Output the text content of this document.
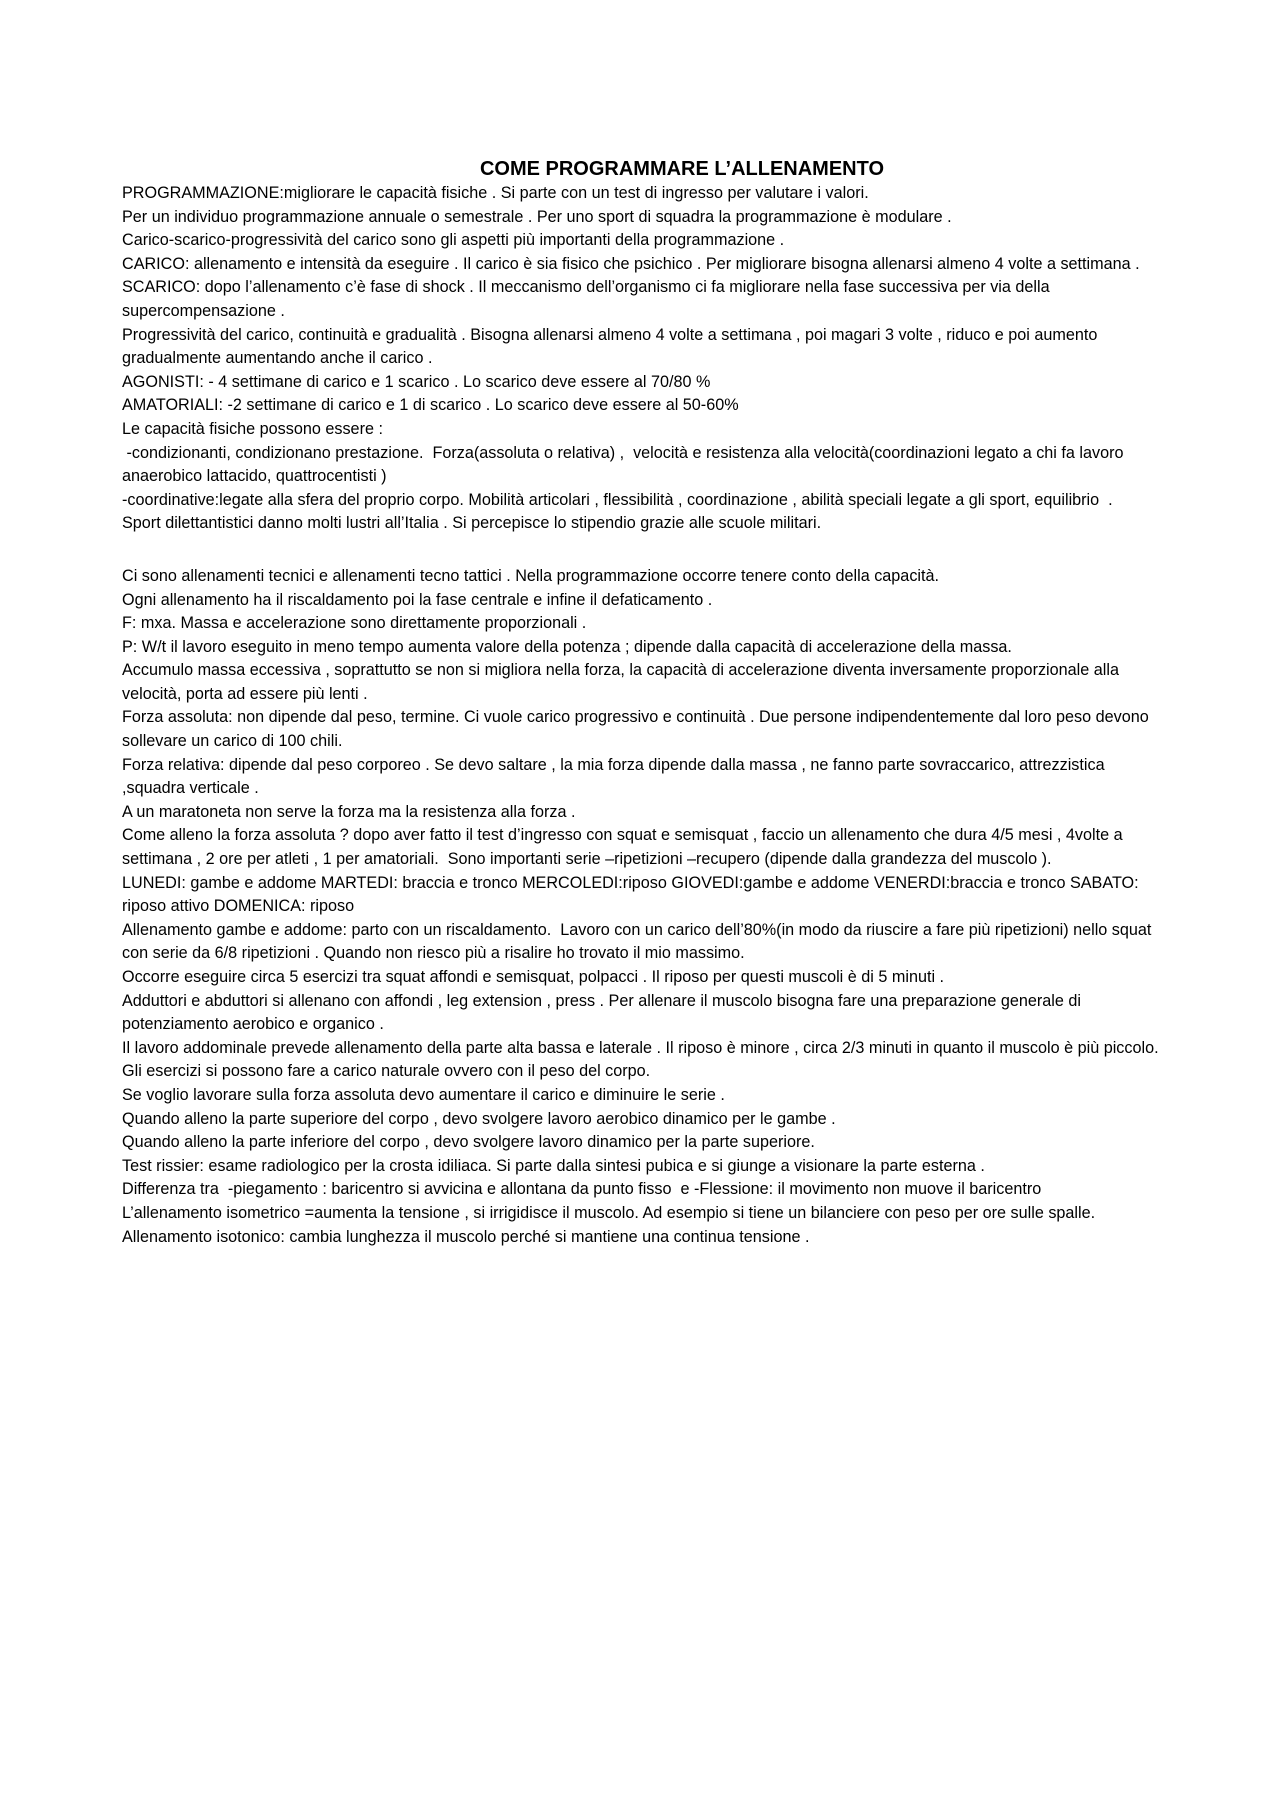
COME PROGRAMMARE L’ALLENAMENTO

PROGRAMMAZIONE:migliorare le capacità fisiche . Si parte con un test di ingresso per valutare i valori.

Per un individuo programmazione annuale o semestrale . Per uno sport di squadra la programmazione è modulare .

Carico-scarico-progressività del carico sono gli aspetti più importanti della programmazione .

CARICO: allenamento e intensità da eseguire . Il carico è sia fisico che psichico . Per migliorare bisogna allenarsi almeno 4 volte a settimana .

SCARICO: dopo l’allenamento c’è fase di shock . Il meccanismo dell’organismo ci fa migliorare nella fase successiva per via della supercompensazione .

Progressività del carico, continuità e gradualità . Bisogna allenarsi almeno 4 volte a settimana , poi magari 3 volte , riduco e poi aumento gradualmente aumentando anche il carico .

AGONISTI: - 4 settimane di carico e 1 scarico . Lo scarico deve essere al 70/80 %

AMATORIALI: -2 settimane di carico e 1 di scarico . Lo scarico deve essere al 50-60%

Le capacità fisiche possono essere :

-condizionanti, condizionano prestazione.  Forza(assoluta o relativa) ,  velocità e resistenza alla velocità(coordinazioni legato a chi fa lavoro anaerobico lattacido, quattrocentisti )

-coordinative:legate alla sfera del proprio corpo. Mobilità articolari , flessibilità , coordinazione , abilità speciali legate a gli sport, equilibrio  .

Sport dilettantistici danno molti lustri all’Italia . Si percepisce lo stipendio grazie alle scuole militari.

Ci sono allenamenti tecnici e allenamenti tecno tattici . Nella programmazione occorre tenere conto della capacità.

Ogni allenamento ha il riscaldamento poi la fase centrale e infine il defaticamento .

F: mxa. Massa e accelerazione sono direttamente proporzionali .

P: W/t il lavoro eseguito in meno tempo aumenta valore della potenza ; dipende dalla capacità di accelerazione della massa.

Accumulo massa eccessiva , soprattutto se non si migliora nella forza, la capacità di accelerazione diventa inversamente proporzionale alla velocità, porta ad essere più lenti .

Forza assoluta: non dipende dal peso, termine. Ci vuole carico progressivo e continuità . Due persone indipendentemente dal loro peso devono sollevare un carico di 100 chili.

Forza relativa: dipende dal peso corporeo . Se devo saltare , la mia forza dipende dalla massa , ne fanno parte sovraccarico, attrezzistica ,squadra verticale .

A un maratoneta non serve la forza ma la resistenza alla forza .

Come alleno la forza assoluta ? dopo aver fatto il test d’ingresso con squat e semisquat , faccio un allenamento che dura 4/5 mesi , 4volte a settimana , 2 ore per atleti , 1 per amatoriali.  Sono importanti serie –ripetizioni –recupero (dipende dalla grandezza del muscolo ).

LUNEDI: gambe e addome MARTEDI: braccia e tronco MERCOLEDI:riposo GIOVEDI:gambe e addome VENERDI:braccia e tronco SABATO: riposo attivo DOMENICA: riposo

Allenamento gambe e addome: parto con un riscaldamento.  Lavoro con un carico dell’80%(in modo da riuscire a fare più ripetizioni) nello squat con serie da 6/8 ripetizioni . Quando non riesco più a risalire ho trovato il mio massimo.

Occorre eseguire circa 5 esercizi tra squat affondi e semisquat, polpacci . Il riposo per questi muscoli è di 5 minuti .

Adduttori e abduttori si allenano con affondi , leg extension , press . Per allenare il muscolo bisogna fare una preparazione generale di potenziamento aerobico e organico .

Il lavoro addominale prevede allenamento della parte alta bassa e laterale . Il riposo è minore , circa 2/3 minuti in quanto il muscolo è più piccolo. Gli esercizi si possono fare a carico naturale ovvero con il peso del corpo.

Se voglio lavorare sulla forza assoluta devo aumentare il carico e diminuire le serie .

Quando alleno la parte superiore del corpo , devo svolgere lavoro aerobico dinamico per le gambe .

Quando alleno la parte inferiore del corpo , devo svolgere lavoro dinamico per la parte superiore.

Test rissier: esame radiologico per la crosta idiliaca. Si parte dalla sintesi pubica e si giunge a visionare la parte esterna .

Differenza tra  -piegamento : baricentro si avvicina e allontana da punto fisso  e -Flessione: il movimento non muove il baricentro

L’allenamento isometrico =aumenta la tensione , si irrigidisce il muscolo. Ad esempio si tiene un bilanciere con peso per ore sulle spalle.

Allenamento isotonico: cambia lunghezza il muscolo perché si mantiene una continua tensione .
